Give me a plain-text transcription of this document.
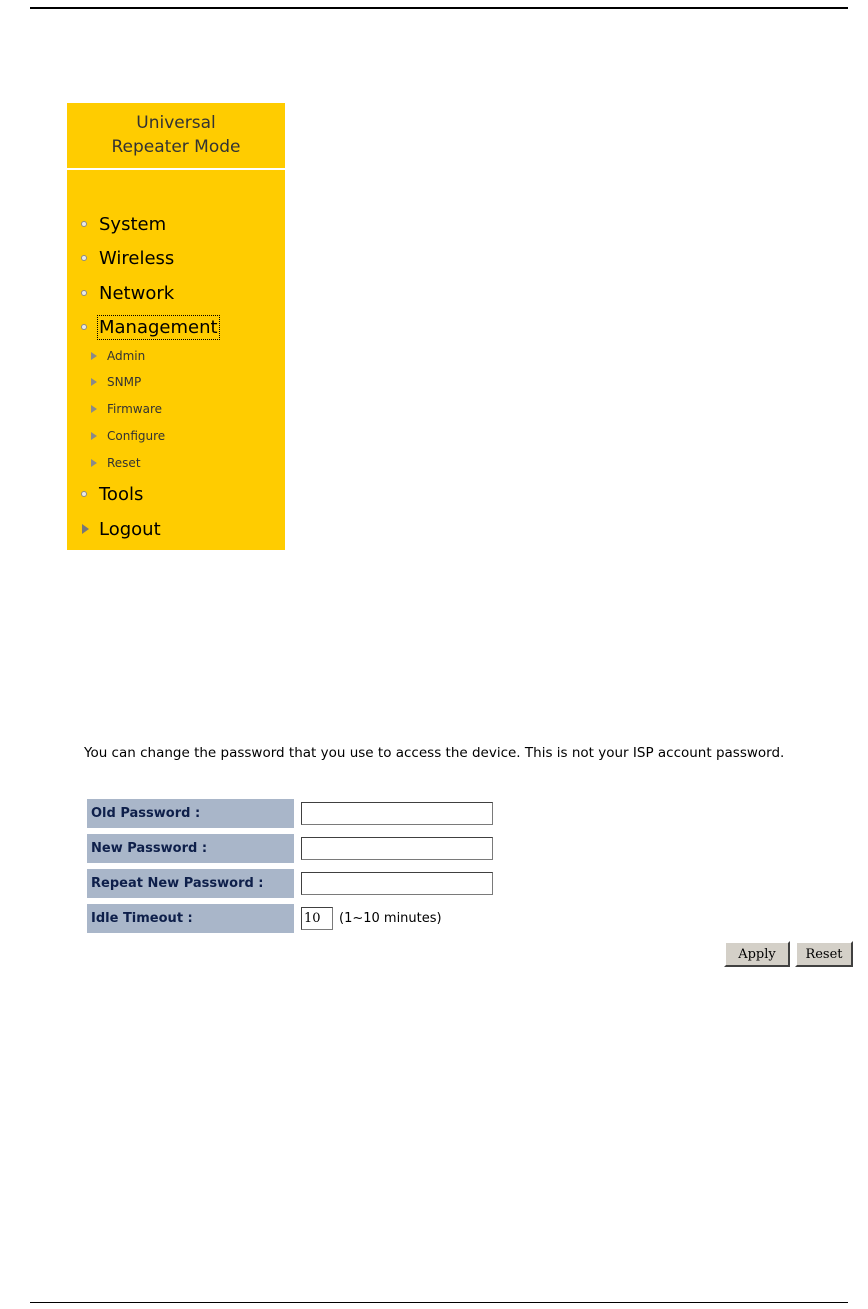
Universal
Repeater Mode
System
Wireless
Network
Management
Admin
SNMP
Firmware
Configure
Reset
Tools
Logout
You can change the password that you use to access the device. This is not your ISP account password.
Old Password :
New Password :
Repeat New Password :
Idle Timeout :
10	(1~10 minutes)
Apply	Reset
